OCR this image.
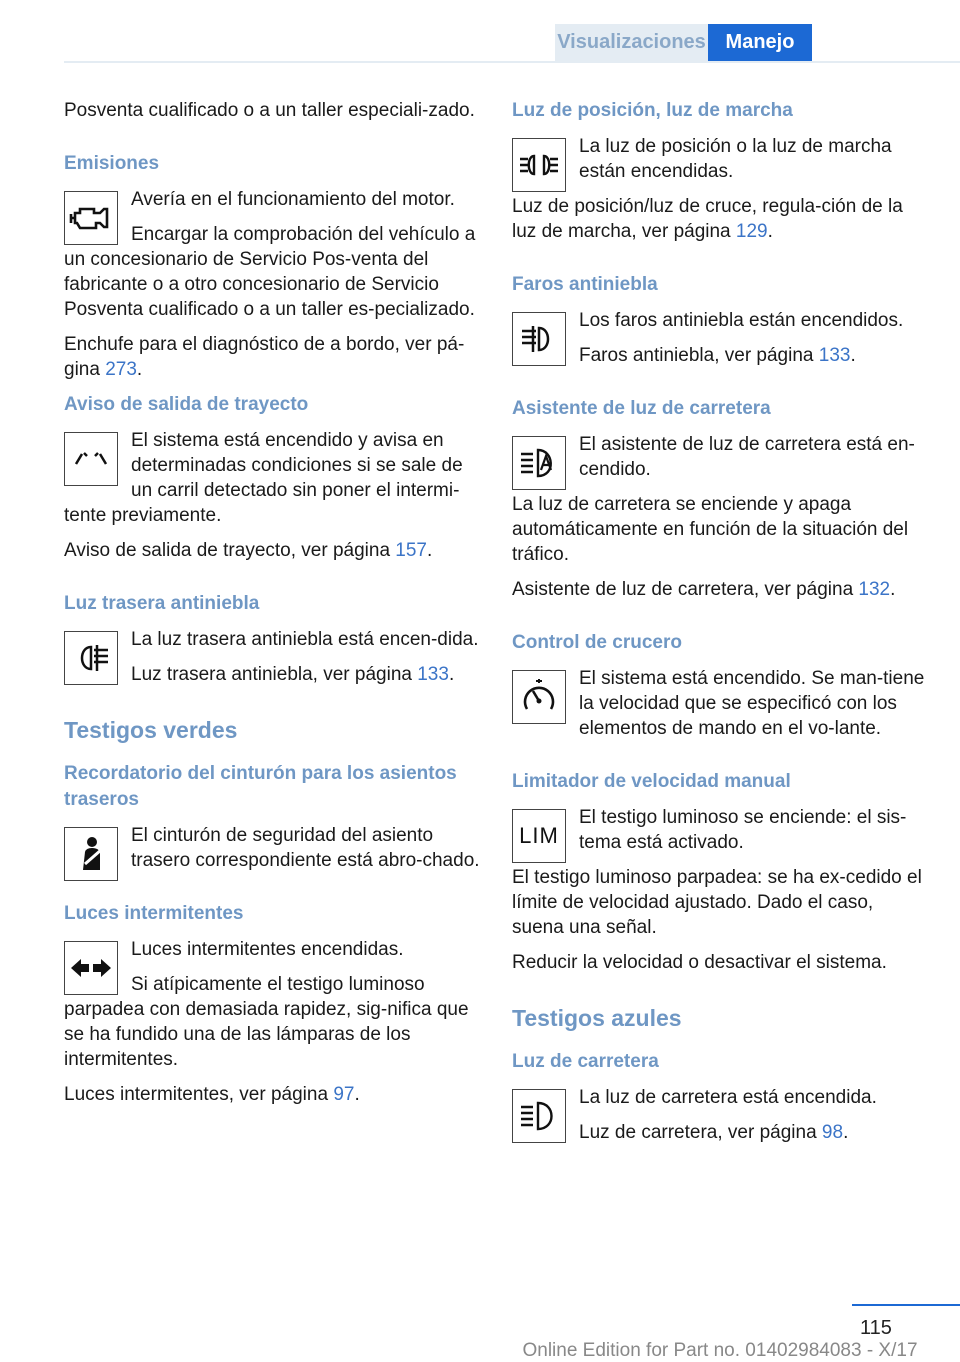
Visualizaciones Manejo

Posventa cualificado o a un taller especiali-zado.

Emisiones

Avería en el funcionamiento del motor.

Encargar la comprobación del vehículo a un concesionario de Servicio Pos-venta del fabricante o a otro concesionario de Servicio Posventa cualificado o a un taller es-pecializado.

Enchufe para el diagnóstico de a bordo, ver pá-gina 273.

Aviso de salida de trayecto

El sistema está encendido y avisa en determinadas condiciones si se sale de un carril detectado sin poner el intermi-tente previamente.

Aviso de salida de trayecto, ver página 157.

Luz trasera antiniebla

La luz trasera antiniebla está encen-dida.

Luz trasera antiniebla, ver página 133.

Testigos verdes
Recordatorio del cinturón para los asientos traseros

El cinturón de seguridad del asiento trasero correspondiente está abro-chado.

Luces intermitentes

Luces intermitentes encendidas.

Si atípicamente el testigo luminoso parpadea con demasiada rapidez, sig-nifica que se ha fundido una de las lámparas de los intermitentes.

Luces intermitentes, ver página 97.

Luz de posición, luz de marcha

La luz de posición o la luz de marcha están encendidas.

Luz de posición/luz de cruce, regula-ción de la luz de marcha, ver página 129.

Faros antiniebla

Los faros antiniebla están encendidos.

Faros antiniebla, ver página 133.

Asistente de luz de carretera

El asistente de luz de carretera está en-cendido.

La luz de carretera se enciende y apaga automáticamente en función de la situación del tráfico.

Asistente de luz de carretera, ver página 132.

Control de crucero

El sistema está encendido. Se man-tiene la velocidad que se especificó con los elementos de mando en el vo-lante.

Limitador de velocidad manual
LIM

El testigo luminoso se enciende: el sis-tema está activado.

El testigo luminoso parpadea: se ha ex-cedido el límite de velocidad ajustado. Dado el caso, suena una señal.

Reducir la velocidad o desactivar el sistema.

Testigos azules
Luz de carretera

La luz de carretera está encendida.

Luz de carretera, ver página 98.

115
Online Edition for Part no. 01402984083 - X/17
